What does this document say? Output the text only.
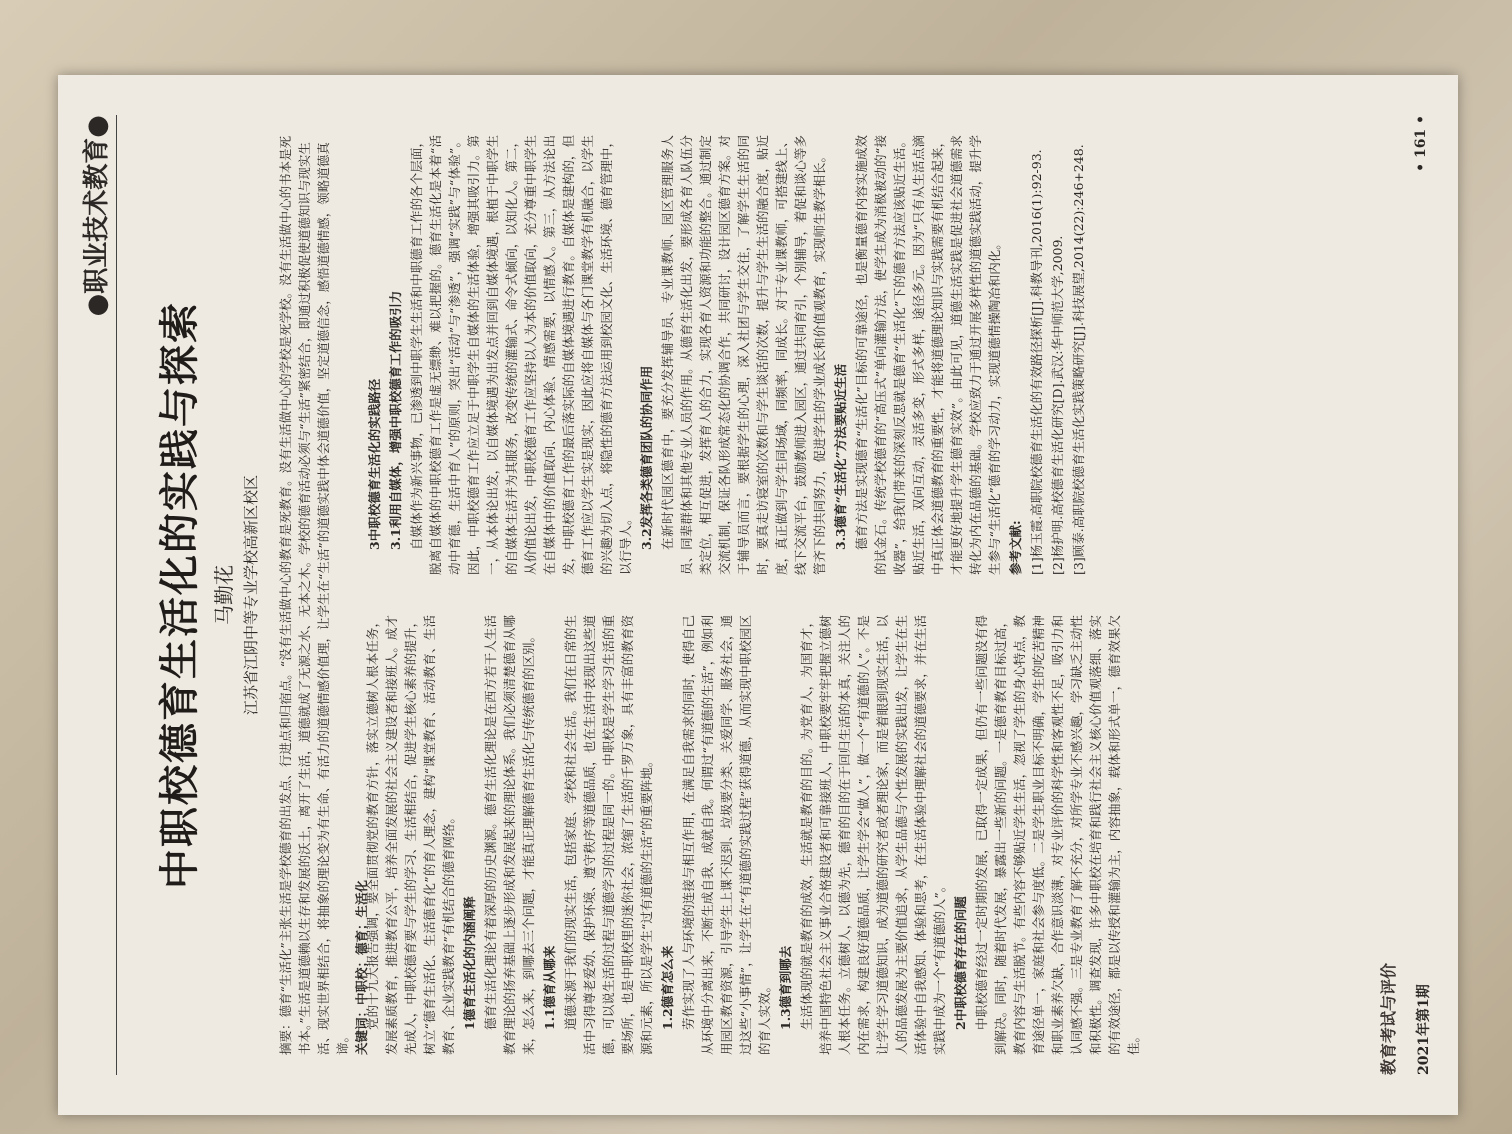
●职业技术教育●
中职校德育生活化的实践与探索 马勤花 江苏省江阴中等专业学校高新区校区 摘要：德育“生活化”主张生活是学校德育的出发点、行进点和归宿点。“没有生活做中心的教育是死教育。没有生活做中心的学校是死学校。没有生活做中心的书本是死书本。”生活是道德赖以生存和发展的沃土，离开了生活，道德就成了无源之水、无本之木。学校的德育活动必须与“生活”紧密结合，即通过积极促使道德知识与现实生活、现实世界相结合，将抽象的理论变为有生命、有活力的道德情感价值理，让学生在“生活”的道德实践中体会道德价值，坚定道德信念，感悟道德情感，领略道德真谛。 关键词：中职校；德育；生活化

党的十九大报告强调，要全面贯彻党的教育方针，落实立德树人根本任务，发展素质教育，推进教育公平，培养全面发展的社会主义建设者和接班人。成才先成人，中职校德育要与学生的学习、生活相结合，促进学生核心素养的提升，树立“德育生活化、生活德育化”的育人理念，建构“课堂教育、活动教育、生活教育、企业实践教育”有机结合的德育网络。 1德育生活化的内涵阐释 德育生活化理论有着深厚的历史渊源。德育生活化理论是在西方若干人生活教育理论的扬弃基础上逐步形成和发展起来的理论体系。我们必须清楚德育从哪来，怎么来，到哪去三个问题，才能真正理解德育生活化与传统德育的区别。 1.1德育从哪来 道德来源于我们的现实生活，包括家庭、学校和社会生活。我们在日常的生活中习得尊老爱幼、保护环境、遵守秩序等道德品质，也在生活中表现出这些道德，可以说生活的过程与道德学习的过程是同一的。中职校是学生学习生活的重要场所，也是中职校里的迷你社会，浓缩了生活的千罗万象，具有丰富的教育资源和元素，所以是学生“过有道德的生活”的重要阵地。 1.2德育怎么来 劳作实现了人与环境的连接与相互作用，在满足自我需求的同时，使得自己从环境中分离出来，不断生成自我、成就自我。何谓过“有道德的生活”，例如利用园区教育资源，引导学生上课不迟到、垃圾要分类、关爱同学、服务社会，通过这些“小事情”，让学生在“有道德的实践过程”获得道德，从而实现中职校园区的育人实效。 1.3德育到哪去 生活体现的就是教育的成效，生活就是教育的目的。为党育人，为国育才，培养中国特色社会主义事业合格建设者和可靠接班人，中职校要牢牢把握立德树人根本任务。立德树人，以德为先，德育的目的在于回归生活的本真，关注人的内在需求，构建良好道德品质，让学生学会“做人”，做一个“有道德的人”。不是让学生学习道德知识，成为道德的研究者或者理论家，而是着眼到现实生活，以人的品德发展为主要价值追求，从学生品德与个性发展的实践出发，让学生在生活体验中自我感知、体验和思考，在生活体验中理解社会的道德要求，并在生活实践中成为一个“有道德的人”。 2中职校德育存在的问题 中职校德育经过一定时期的发展，已取得一定成果，但仍有一些问题没有得到解决。同时，随着时代发展，暴露出一些新的问题。一是德育教育目标过高，教育内容与生活脱节。有些内容不够贴近学生生活，忽视了学生的身心特点，教育途径单一，家庭和社会参与度低。二是学生职业目标不明确，学生的吃苦精神和职业素养欠缺，合作意识淡薄，对专业评价的科学性和客观性不足，吸引力和认同感不强。三是专业教育了解不充分，对所学专业不感兴趣，学习缺乏主动性和积极性。调查发现，许多中职校在培育和践行社会主义核心价值观落细、落实的有效途径，都是以传授和灌输为主，内容抽象，载体和形式单一，德育效果欠佳。

3中职校德育生活化的实践路径 3.1利用自媒体，增强中职校德育工作的吸引力 自媒体作为新兴事物，已渗透到中职学生生活和中职德育工作的各个层面，脱离自媒体的中职校德育工作是虚无缥缈、难以把握的。德育生活化是本着“活动中育德，生活中育人”的原则，突出“活动”与“渗透”，强调“实践”与“体验”。因此，中职校德育工作应立足于中职学生自媒体的生活体验，增强其吸引力。第一，从本体论出发，以自媒体境遇为出发点并回到自媒体境遇，根植于中职学生的自媒体生活并为其服务，改变传统的灌输式、命令式倾向，以知化人。第二，从价值论出发，中职校德育工作应坚持以人为本的价值取向，充分尊重中职学生在自媒体中的价值取向、内心体验、情感需要，以情感人。第三，从方法论出发，中职校德育工作的最后落实际的自媒体境遇进行教育。自媒体是建构的，但德育工作应以学生实是现实，因此应将自媒体与各门课堂教学有机融合，以学生的兴趣为切入点，将隐性的德育方法运用到校园文化、生活环境、德育管理中，以行导人。 3.2发挥各类德育团队的协同作用 在新时代园区德育中，要充分发挥辅导员、专业课教师、园区管理服务人员、同辈群体和其他专业人员的作用。从德育生活化出发，要形成各育人队伍分类定位，相互促进，发挥育人的合力，实现各育人资源和功能的整合。通过制定交流机制，保证各队形成常态化的协调合作，共同研讨，设计园区德育方案。对于辅导员而言，要根据学生的心理，深入社团与学生交往，了解学生生活的同时，要真走访寝室的次数和与学生谈话的次数，提升与学生生活的融合度，贴近度，真正做到与学生同场域，同频率，同成长。对于专业课教师，可搭建线上、线下交流平台，鼓励教师进入园区，通过共同育引，个别辅导，着促和谈心等多管齐下的共同努力，促进学生的学业成长和价值观教育，实现师生教学相长。 3.3德育“生活化”方法要贴近生活 德育方法是实现德育“生活化”目标的可靠途径，也是衡量德育内容实施成效的试金石。传统学校德育的“高压式”单向灌输方法，使学生成为消极被动的“接收器”，给我们带来的深刻反思就是德育“生活化”下的德育方法应该贴近生活。贴近生活，双向互动，灵活多变，形式多样，途径多元。因为“只有从生活点滴中真正体会道德教育的重要性，才能将道德理论知识与实践需要有机结合起来，才能更好地提升学生德育实效”。由此可见，道德生活实践是促进社会道德需求转化为内在品德的基础。学校应致力于通过开展多样性的道德实践活动，提升学生参与“生活化”德育的学习动力，实现道德情操陶冶和内化。 参考文献: [1]杨玉霞.高职院校德育生活化的有效路径探析[J].科教导刊,2016(1):92-93. [2]杨护明.高校德育生活化研究[D].武汉:华中师范大学,2009. [3]顾泰.高职院校德育生活化实践策略研究[J].科技展望,2014(22):246+248.

2021年第1期
• 161 •
教育考试与评价
